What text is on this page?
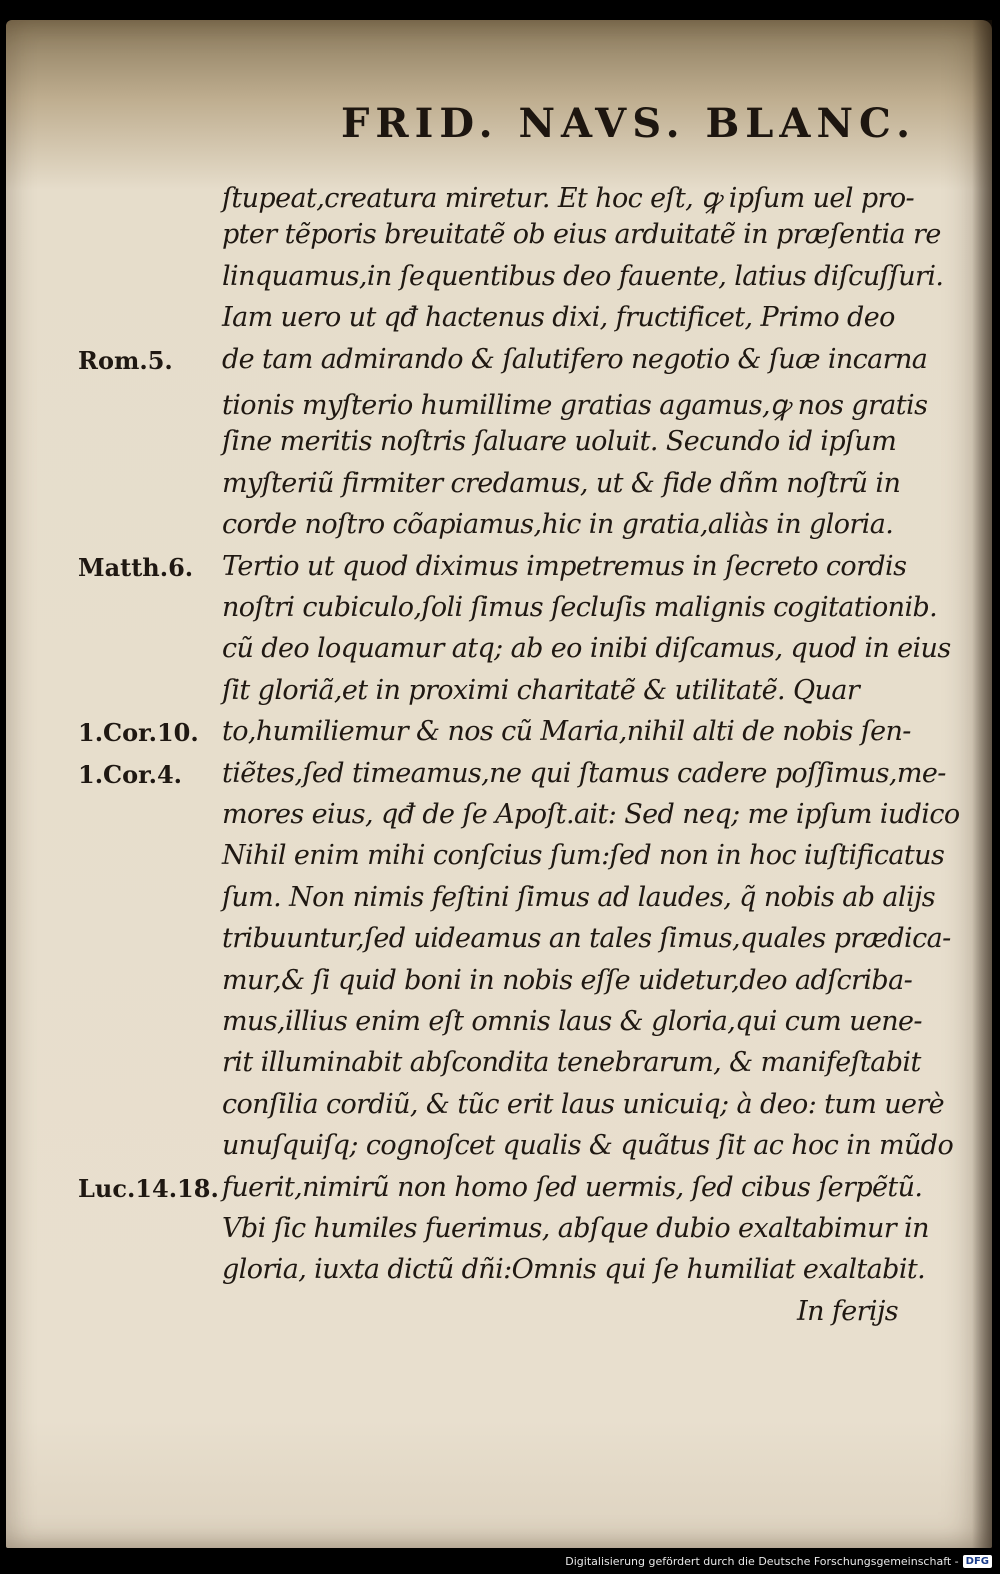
FRID. NAVS. BLANC.
ſtupeat,creatura miretur. Et hoc eſt, ꝙ ipſum uel pro-
pter tẽporis breuitatẽ ob eius arduitatẽ in præſentia re
linquamus,in ſequentibus deo fauente, latius diſcuſſuri.
Iam uero ut qđ hactenus dixi, fructificet, Primo deo
de tam admirando & ſalutifero negotio & ſuæ incarna
tionis myſterio humillime gratias agamus,ꝙ nos gratis
ſine meritis noſtris ſaluare uoluit. Secundo id ipſum
myſteriũ firmiter credamus, ut & fide dñm noſtrũ in
corde noſtro cõapiamus,hic in gratia,aliàs in gloria.
Tertio ut quod diximus impetremus in ſecreto cordis
noſtri cubiculo,ſoli ſimus ſecluſis malignis cogitationib.
cũ deo loquamur atq; ab eo inibi diſcamus, quod in eius
ſit gloriã,et in proximi charitatẽ & utilitatẽ. Quar
to,humiliemur & nos cũ Maria,nihil alti de nobis ſen-
tiẽtes,ſed timeamus,ne qui ſtamus cadere poſſimus,me-
mores eius, qđ de ſe Apoſt.ait: Sed neq; me ipſum iudico
Nihil enim mihi conſcius ſum:ſed non in hoc iuſtificatus
ſum. Non nimis feſtini ſimus ad laudes, q̃ nobis ab alijs
tribuuntur,ſed uideamus an tales ſimus,quales prædica-
mur,& ſi quid boni in nobis eſſe uidetur,deo adſcriba-
mus,illius enim eſt omnis laus & gloria,qui cum uene-
rit illuminabit abſcondita tenebrarum, & manifeſtabit
conſilia cordiũ, & tũc erit laus unicuiq; à deo: tum uerè
unuſquiſq; cognoſcet qualis & quãtus ſit ac hoc in mũdo
fuerit,nimirũ non homo ſed uermis, ſed cibus ſerpẽtũ.
Vbi ſic humiles fuerimus, abſque dubio exaltabimur in
gloria, iuxta dictũ dñi:Omnis qui ſe humiliat exaltabit.
Rom.5.
Matth.6.
1.Cor.10.
1.Cor.4.
Luc.14.18.
In ferijs
Digitalisierung gefördert durch die Deutsche Forschungsgemeinschaft - DFG
